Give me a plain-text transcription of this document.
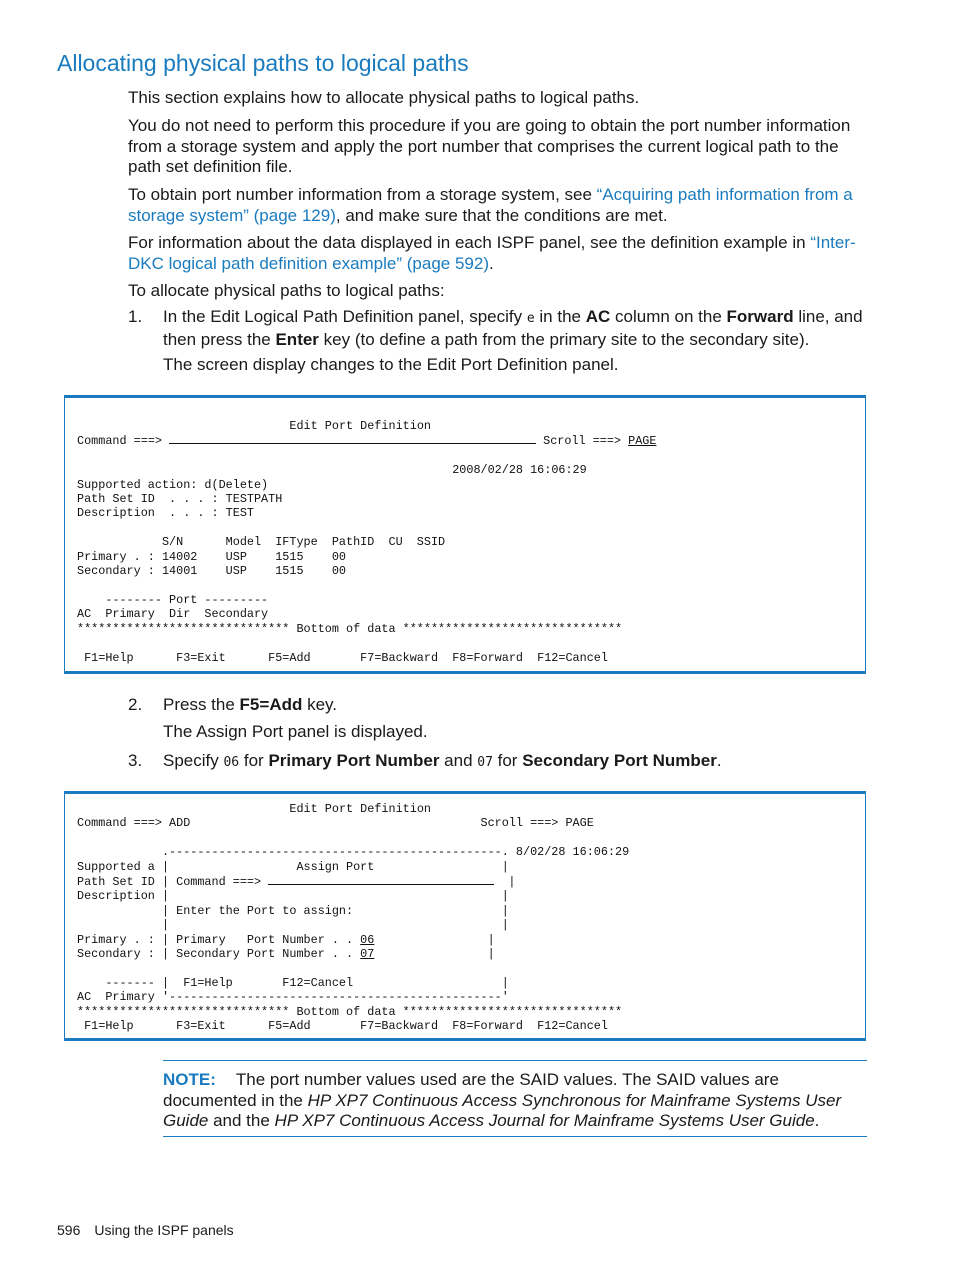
Allocating physical paths to logical paths

This section explains how to allocate physical paths to logical paths.

You do not need to perform this procedure if you are going to obtain the port number information from a storage system and apply the port number that comprises the current logical path to the path set definition file.

To obtain port number information from a storage system, see “Acquiring path information from a storage system” (page 129), and make sure that the conditions are met.

For information about the data displayed in each ISPF panel, see the definition example in “Inter-DKC logical path definition example” (page 592).

To allocate physical paths to logical paths:

1. In the Edit Logical Path Definition panel, specify e in the AC column on the Forward line, and then press the Enter key (to define a path from the primary site to the secondary site).

The screen display changes to the Edit Port Definition panel.

Edit Port Definition
Command ===>	Scroll ===> PAGE

2008/02/28 16:06:29
Supported action: d(Delete)
Path Set ID  . . . : TESTPATH
Description  . . . : TEST

S/N      Model  IFType  PathID  CU  SSID
Primary . : 14002    USP    1515    00
Secondary : 14001    USP    1515    00

-------- Port ---------
AC  Primary  Dir  Secondary
****************************** Bottom of data *******************************

F1=Help      F3=Exit      F5=Add       F7=Backward  F8=Forward  F12=Cancel
2. Press the F5=Add key.

The Assign Port panel is displayed.

3. Specify 06 for Primary Port Number and 07 for Secondary Port Number.

Edit Port Definition
Command ===> ADD                                         Scroll ===> PAGE

.-----------------------------------------------. 8/02/28 16:06:29
Supported a |                  Assign Port                  |
Path Set ID | Command ===>	|
Description |                                               |
| Enter the Port to assign:                     |
|                                               |
Primary . : | Primary   Port Number . . 06                |
Secondary : | Secondary Port Number . . 07                |

------- |  F1=Help       F12=Cancel                     |
AC  Primary '-----------------------------------------------'
****************************** Bottom of data *******************************
F1=Help      F3=Exit      F5=Add       F7=Backward  F8=Forward  F12=Cancel

NOTE: The port number values used are the SAID values. The SAID values are documented in the HP XP7 Continuous Access Synchronous for Mainframe Systems User Guide and the HP XP7 Continuous Access Journal for Mainframe Systems User Guide.

596 Using the ISPF panels
